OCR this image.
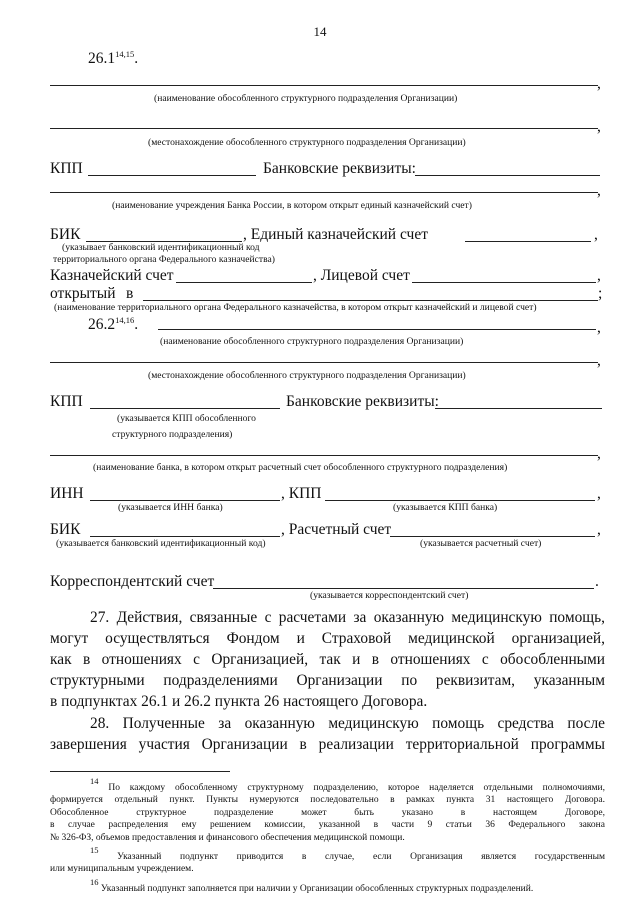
14
26.1$^{14,15}$.
,
(наименование обособленного структурного подразделения Организации)
,
(местонахождение обособленного структурного подразделения Организации)
КПП	Банковские реквизиты:
,
(наименование учреждения Банка России, в котором открыт единый казначейский счет)
БИК	, Единый казначейский счет	,
(указывает банковский идентификационный код
территориального органа Федерального казначейства)
Казначейский счет	, Лицевой счет	,
открытый в	;
(наименование территориального органа Федерального казначейства, в котором открыт казначейский и лицевой счет)
26.2$^{14,16}$.	,
(наименование обособленного структурного подразделения Организации)
,
(местонахождение обособленного структурного подразделения Организации)
КПП	Банковские реквизиты:
(указывается КПП обособленного
структурного подразделения)
,
(наименование банка, в котором открыт расчетный счет обособленного структурного подразделения)
ИНН	, КПП	,
(указывается ИНН банка)	(указывается КПП банка)
БИК	, Расчетный счет	,
(указывается банковский идентификационный код)	(указывается расчетный счет)
Корреспондентский счет	.
(указывается корреспондентский счет)
27. Действия, связанные с расчетами за оказанную медицинскую помощь,
могут осуществляться Фондом и Страховой медицинской организацией,
как в отношениях с Организацией, так и в отношениях с обособленными
структурными подразделениями Организации по реквизитам, указанным
в подпунктах 26.1 и 26.2 пункта 26 настоящего Договора.
28. Полученные за оказанную медицинскую помощь средства после
завершения участия Организации в реализации территориальной программы
$^{14}$ По каждому обособленному структурному подразделению, которое наделяется отдельными полномочиями,
формируется отдельный пункт. Пункты нумеруются последовательно в рамках пункта 31 настоящего Договора.
Обособленное структурное подразделение может быть указано в настоящем Договоре,
в случае распределения ему решением комиссии, указанной в части 9 статьи 36 Федерального закона
№ 326-ФЗ, объемов предоставления и финансового обеспечения медицинской помощи.
$^{15}$ Указанный подпункт приводится в случае, если Организация является государственным
или муниципальным учреждением.
$^{16}$ Указанный подпункт заполняется при наличии у Организации обособленных структурных подразделений.
